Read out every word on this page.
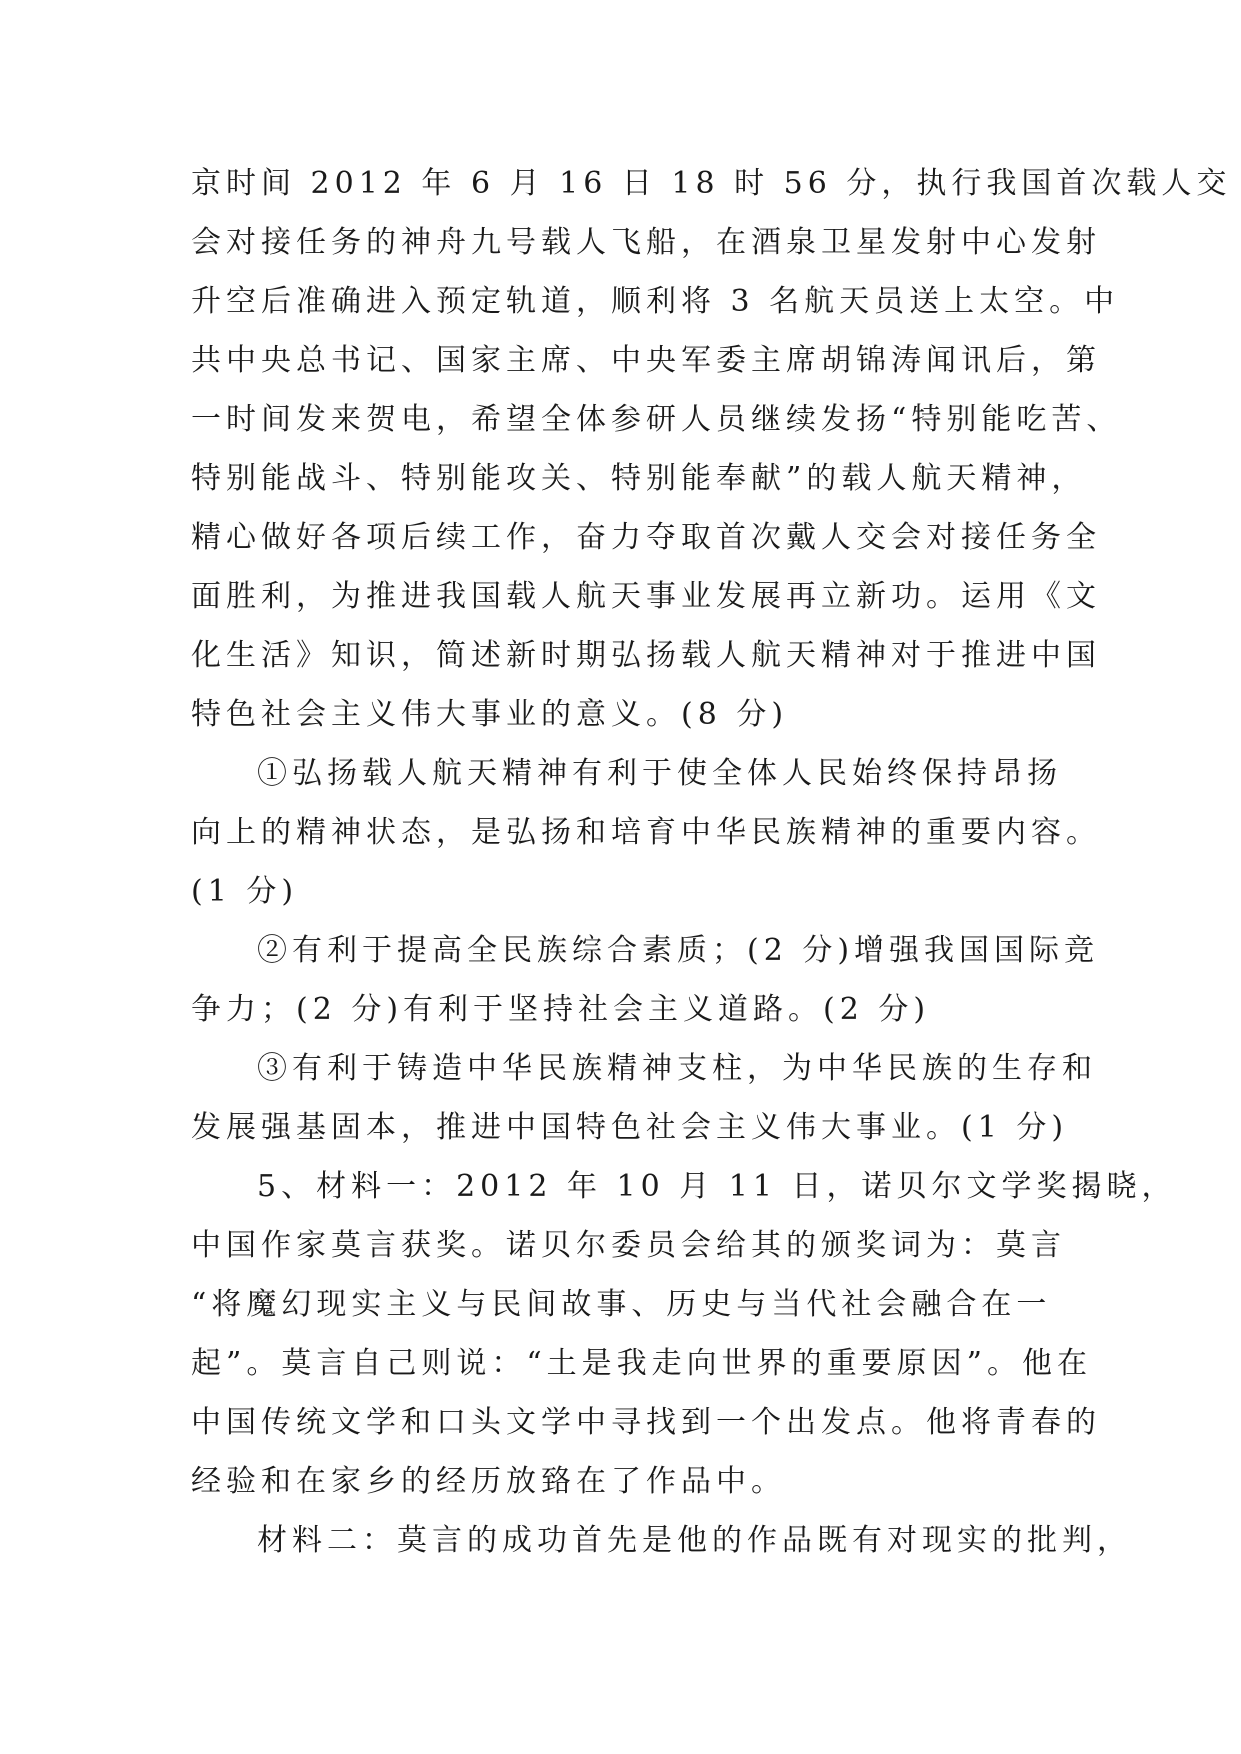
京时间 2012 年 6 月 16 日 18 时 56 分，执行我国首次载人交
会对接任务的神舟九号载人飞船，在酒泉卫星发射中心发射
升空后准确进入预定轨道，顺利将 3 名航天员送上太空。中
共中央总书记、国家主席、中央军委主席胡锦涛闻讯后，第
一时间发来贺电，希望全体参研人员继续发扬“特别能吃苦、
特别能战斗、特别能攻关、特别能奉献”的载人航天精神，
精心做好各项后续工作，奋力夺取首次戴人交会对接任务全
面胜利，为推进我国载人航天事业发展再立新功。运用《文
化生活》知识，简述新时期弘扬载人航天精神对于推进中国
特色社会主义伟大事业的意义。(8 分)
①弘扬载人航天精神有利于使全体人民始终保持昂扬
向上的精神状态，是弘扬和培育中华民族精神的重要内容。
(1 分)
②有利于提高全民族综合素质；(2 分)增强我国国际竞
争力；(2 分)有利于坚持社会主义道路。(2 分)
③有利于铸造中华民族精神支柱，为中华民族的生存和
发展强基固本，推进中国特色社会主义伟大事业。(1 分)
5、材料一：2012 年 10 月 11 日，诺贝尔文学奖揭晓，
中国作家莫言获奖。诺贝尔委员会给其的颁奖词为：莫言
“将魔幻现实主义与民间故事、历史与当代社会融合在一
起”。莫言自己则说：“土是我走向世界的重要原因”。他在
中国传统文学和口头文学中寻找到一个出发点。他将青春的
经验和在家乡的经历放臵在了作品中。
材料二：莫言的成功首先是他的作品既有对现实的批判，
